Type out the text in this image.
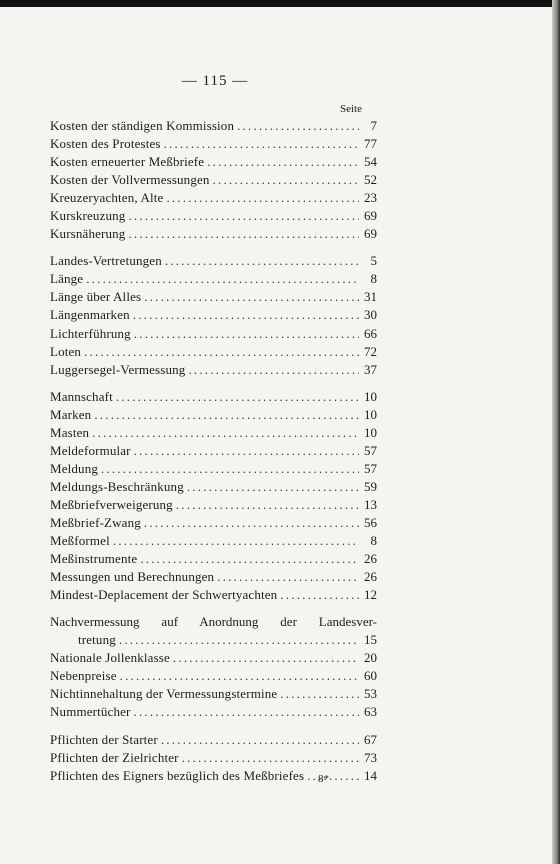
— 115 —
Seite
Kosten der ständigen Kommission .....	7
Kosten des Protestes .....	77
Kosten erneuerter Meßbriefe .....	54
Kosten der Vollvermessungen .....	52
Kreuzeryachten, Alte .....	23
Kurskreuzung .....	69
Kursnäherung .....	69
Landes-Vertretungen .....	5
Länge .....	8
Länge über Alles .....	31
Längenmarken .....	30
Lichterführung .....	66
Loten .....	72
Luggersegel-Vermessung .....	37
Mannschaft .....	10
Marken .....	10
Masten .....	10
Meldeformular .....	57
Meldung .....	57
Meldungs-Beschränkung .....	59
Meßbriefverweigerung .....	13
Meßbrief-Zwang .....	56
Meßformel .....	8
Meßinstrumente .....	26
Messungen und Berechnungen .....	26
Mindest-Deplacement der Schwertyachten .....	12
Nachvermessung auf Anordnung der Landesver-
tretung .....	15
Nationale Jollenklasse .....	20
Nebenpreise .....	60
Nichtinnehaltung der Vermessungstermine .....	53
Nummertücher .....	63
Pflichten der Starter .....	67
Pflichten der Zielrichter .....	73
Pflichten des Eigners bezüglich des Meßbriefes .....	14
8*
